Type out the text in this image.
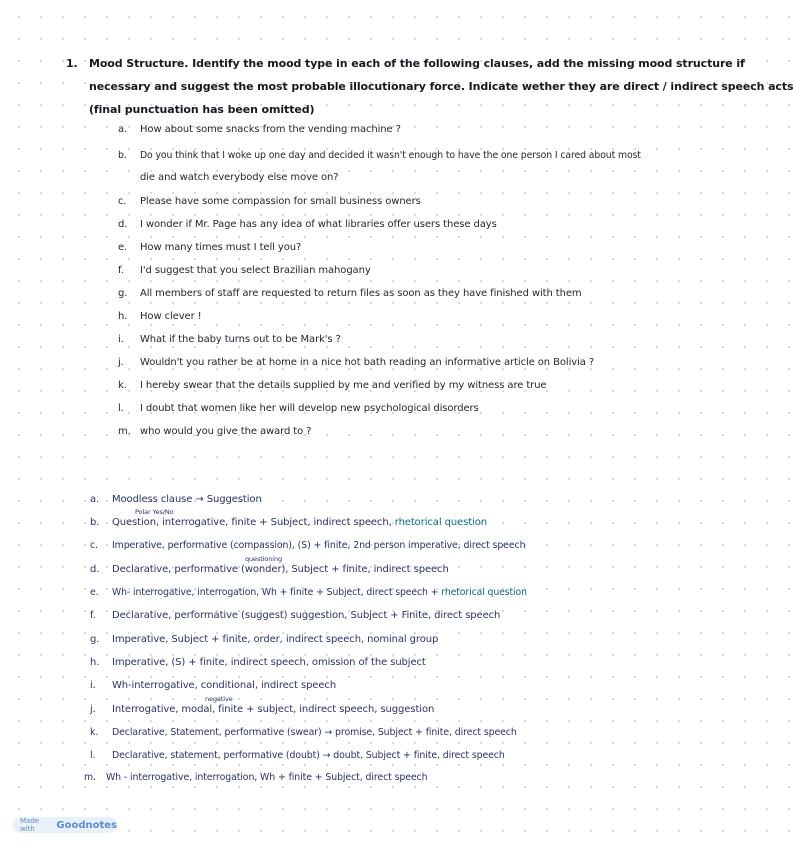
1. Mood Structure. Identify the mood type in each of the following clauses, add the missing mood structure if
necessary and suggest the most probable illocutionary force. Indicate wether they are direct / indirect speech acts
(final punctuation has been omitted)
a. How about some snacks from the vending machine ?
b. Do you think that I woke up one day and decided it wasn't enough to have the one person I cared about most
die and watch everybody else move on?
c. Please have some compassion for small business owners
d. I wonder if Mr. Page has any idea of what libraries offer users these days
e. How many times must I tell you?
f. I'd suggest that you select Brazilian mahogany
g. All members of staff are requested to return files as soon as they have finished with them
h. How clever !
i. What if the baby turns out to be Mark's ?
j. Wouldn't you rather be at home in a nice hot bath reading an informative article on Bolivia ?
k. I hereby swear that the details supplied by me and verified by my witness are true
l. I doubt that women like her will develop new psychological disorders
m. who would you give the award to ?
Polar Yes/No
questioning
negative
a. Moodless clause → Suggestion
b. Question, interrogative, finite + Subject, indirect speech, rhetorical question
c. Imperative, performative (compassion), (S) + finite, 2nd person imperative, direct speech
d. Declarative, performative (wonder), Subject + finite, indirect speech
e. Wh- interrogative, interrogation, Wh + finite + Subject, direct speech + rhetorical question
f. Declarative, performative (suggest) suggestion, Subject + Finite, direct speech
g. Imperative, Subject + finite, order, indirect speech, nominal group
h. Imperative, (S) + finite, indirect speech, omission of the subject
i. Wh-interrogative, conditional, indirect speech
j. Interrogative, modal, finite + subject, indirect speech, suggestion
k. Declarative, Statement, performative (swear) → promise, Subject + finite, direct speech
l. Declarative, statement, performative (doubt) → doubt, Subject + finite, direct speech
m. Wh - interrogative, interrogation, Wh + finite + Subject, direct speech
Made with	Goodnotes
